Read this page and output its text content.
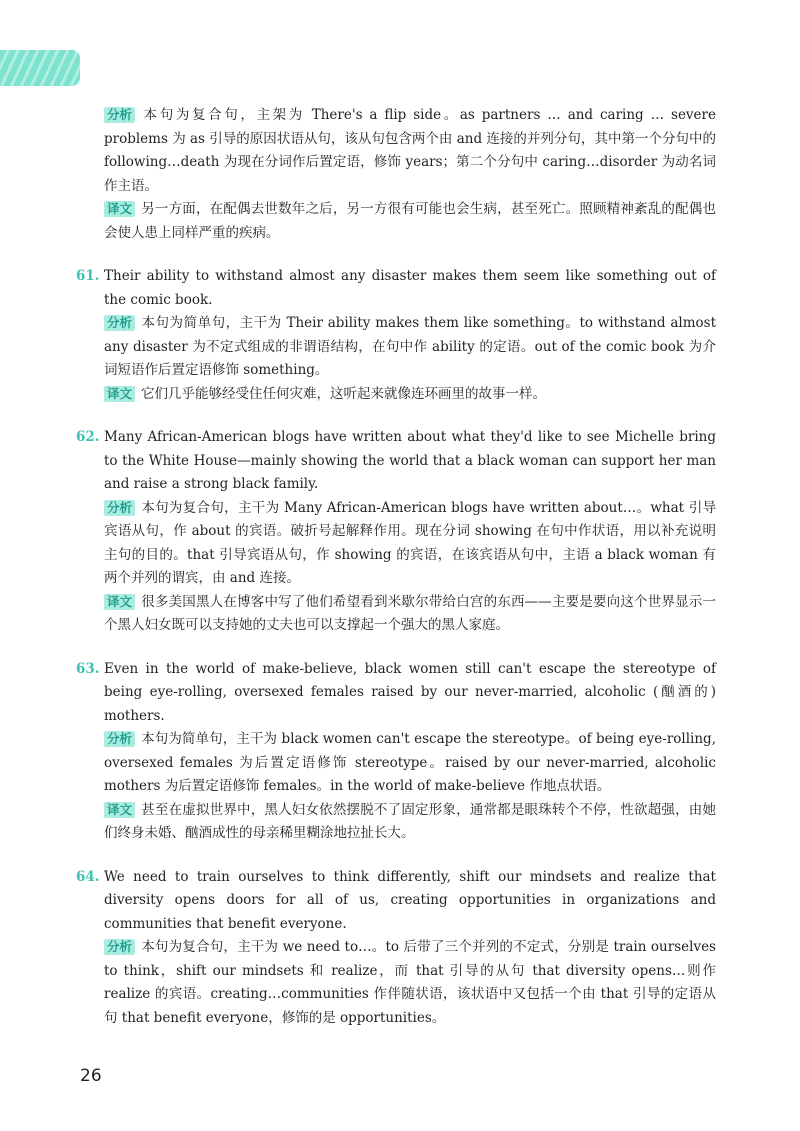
分析 本句为复合句，主架为 There's a flip side。as partners … and caring … severe problems 为 as 引导的原因状语从句，该从句包含两个由 and 连接的并列分句，其中第一个分句中的 following…death 为现在分词作后置定语，修饰 years；第二个分句中 caring…disorder 为动名词作主语。

译文 另一方面，在配偶去世数年之后，另一方很有可能也会生病，甚至死亡。照顾精神紊乱的配偶也会使人患上同样严重的疾病。

61. Their ability to withstand almost any disaster makes them seem like something out of the comic book.

分析 本句为简单句，主干为 Their ability makes them like something。to withstand almost any disaster 为不定式组成的非谓语结构，在句中作 ability 的定语。out of the comic book 为介词短语作后置定语修饰 something。

译文 它们几乎能够经受住任何灾难，这听起来就像连环画里的故事一样。

62. Many African-American blogs have written about what they'd like to see Michelle bring to the White House—mainly showing the world that a black woman can support her man and raise a strong black family.

分析 本句为复合句，主干为 Many African-American blogs have written about…。what 引导宾语从句，作 about 的宾语。破折号起解释作用。现在分词 showing 在句中作状语，用以补充说明主句的目的。that 引导宾语从句，作 showing 的宾语，在该宾语从句中，主语 a black woman 有两个并列的谓宾，由 and 连接。

译文 很多美国黑人在博客中写了他们希望看到米歇尔带给白宫的东西——主要是要向这个世界显示一个黑人妇女既可以支持她的丈夫也可以支撑起一个强大的黑人家庭。

63. Even in the world of make-believe, black women still can't escape the stereotype of being eye-rolling, oversexed females raised by our never-married, alcoholic (酗酒的) mothers.

分析 本句为简单句，主干为 black women can't escape the stereotype。of being eye-rolling, oversexed females 为后置定语修饰 stereotype。raised by our never-married, alcoholic mothers 为后置定语修饰 females。in the world of make-believe 作地点状语。

译文 甚至在虚拟世界中，黑人妇女依然摆脱不了固定形象，通常都是眼珠转个不停，性欲超强，由她们终身未婚、酗酒成性的母亲稀里糊涂地拉扯长大。

64. We need to train ourselves to think differently, shift our mindsets and realize that diversity opens doors for all of us, creating opportunities in organizations and communities that benefit everyone.

分析 本句为复合句，主干为 we need to…。to 后带了三个并列的不定式，分别是 train ourselves to think，shift our mindsets 和 realize，而 that 引导的从句 that diversity opens…则作 realize 的宾语。creating…communities 作伴随状语，该状语中又包括一个由 that 引导的定语从句 that benefit everyone，修饰的是 opportunities。

26
